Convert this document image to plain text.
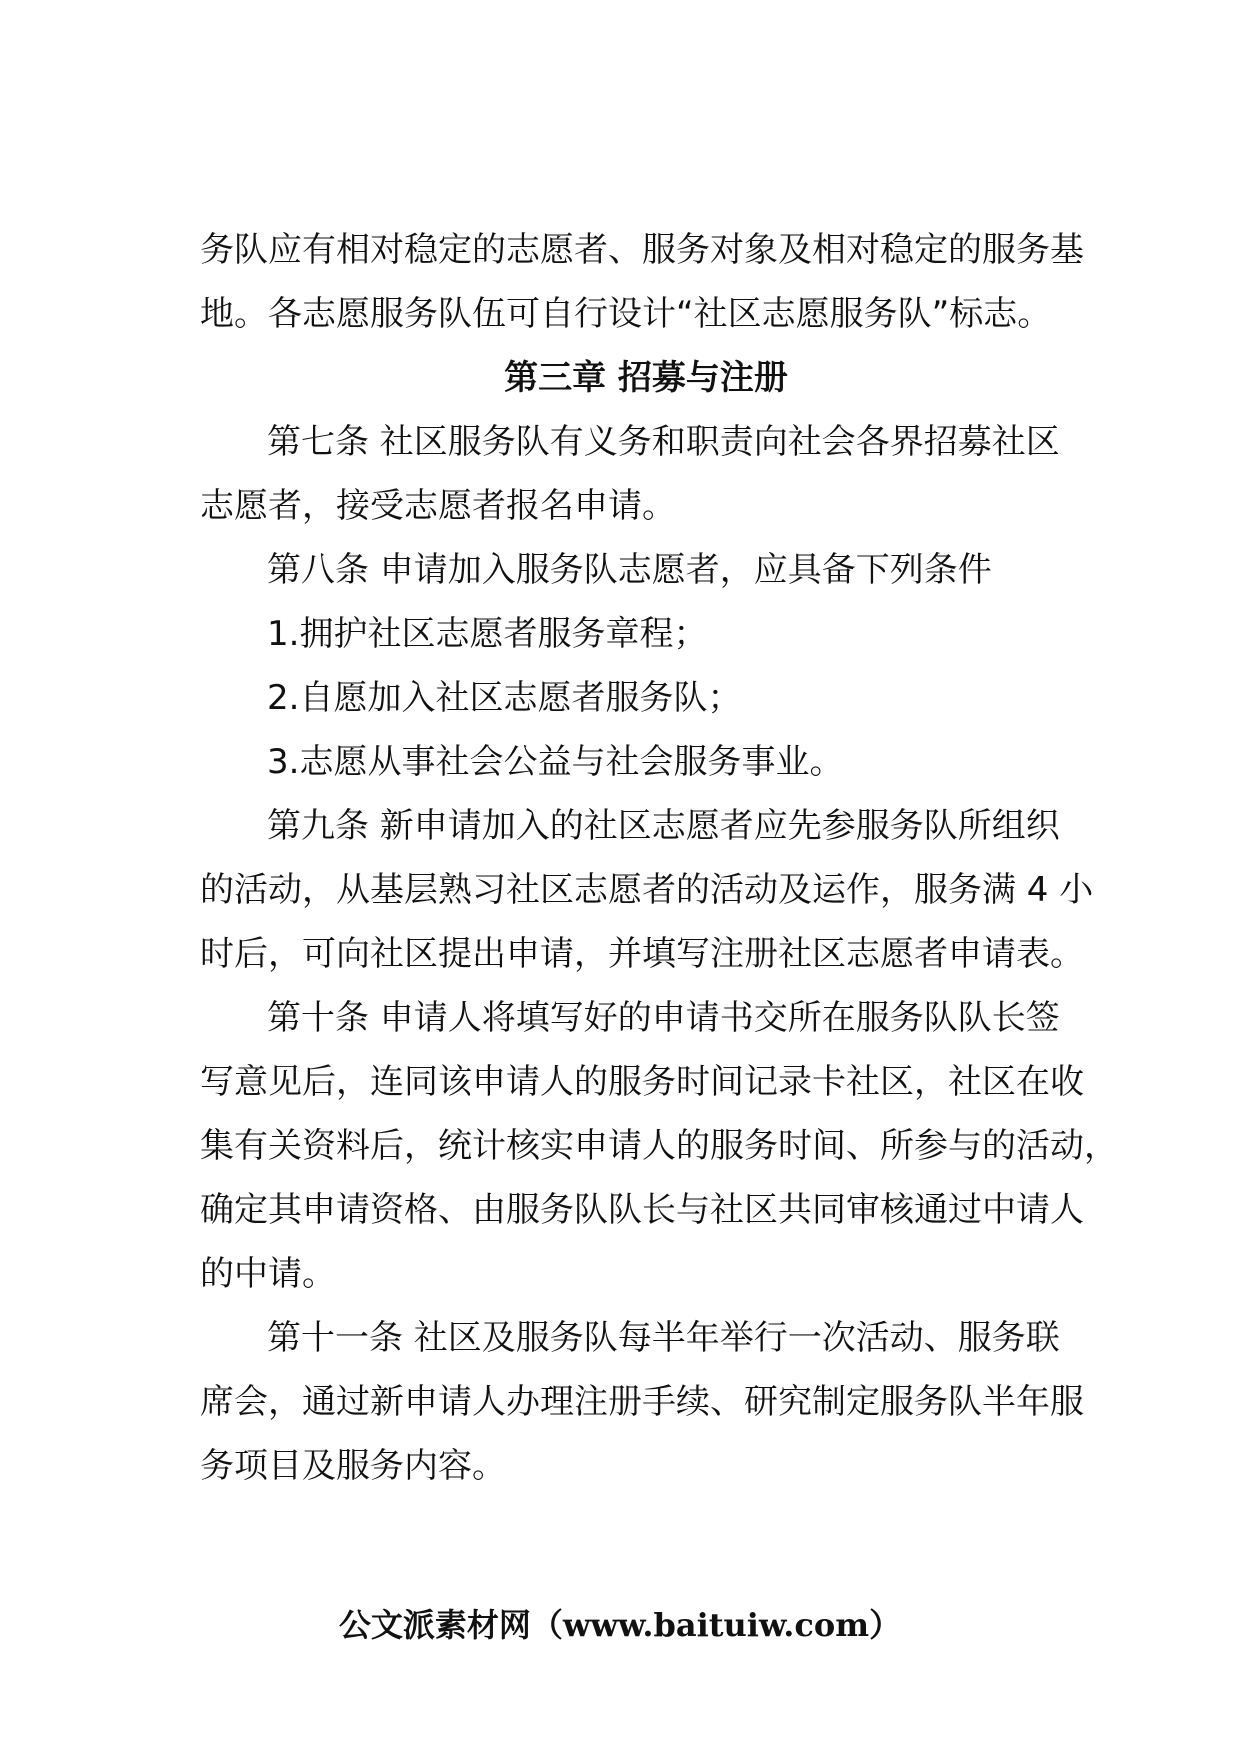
务队应有相对稳定的志愿者、服务对象及相对稳定的服务基
地。各志愿服务队伍可自行设计“社区志愿服务队”标志。
第三章 招募与注册
第七条 社区服务队有义务和职责向社会各界招募社区
志愿者，接受志愿者报名申请。
第八条 申请加入服务队志愿者，应具备下列条件
1.拥护社区志愿者服务章程；
2.自愿加入社区志愿者服务队；
3.志愿从事社会公益与社会服务事业。
第九条 新申请加入的社区志愿者应先参服务队所组织
的活动，从基层熟习社区志愿者的活动及运作，服务满 4 小
时后，可向社区提出申请，并填写注册社区志愿者申请表。
第十条 申请人将填写好的申请书交所在服务队队长签
写意见后，连同该申请人的服务时间记录卡社区，社区在收
集有关资料后，统计核实申请人的服务时间、所参与的活动，
确定其申请资格、由服务队队长与社区共同审核通过中请人
的中请。
第十一条 社区及服务队每半年举行一次活动、服务联
席会，通过新申请人办理注册手续、研究制定服务队半年服
务项目及服务内容。
公文派素材网（www.baituiw.com）
